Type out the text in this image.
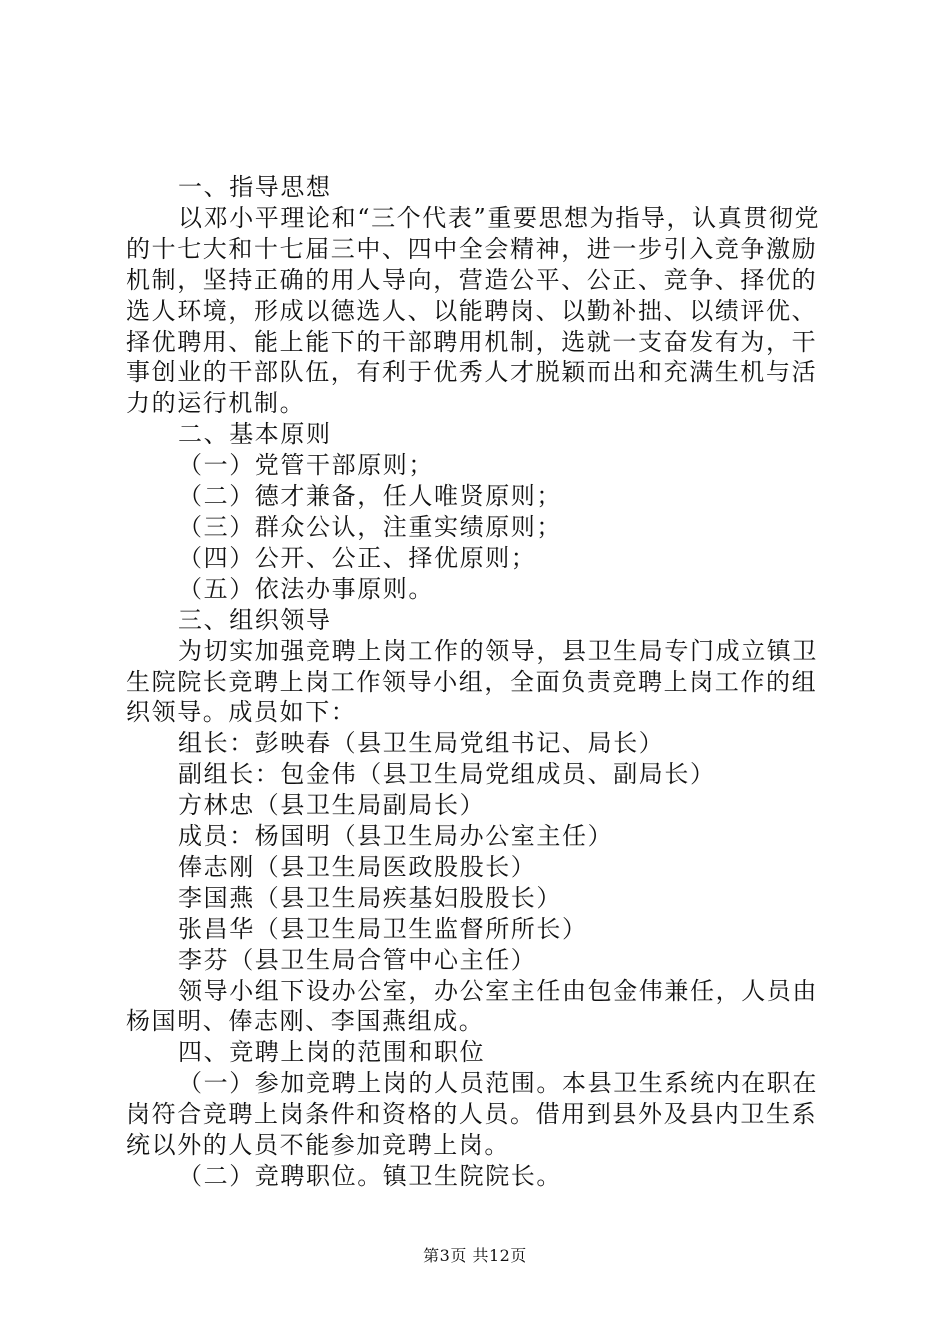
一、指导思想

以邓小平理论和“三个代表”重要思想为指导，认真贯彻党的十七大和十七届三中、四中全会精神，进一步引入竞争激励机制，坚持正确的用人导向，营造公平、公正、竞争、择优的选人环境，形成以德选人、以能聘岗、以勤补拙、以绩评优、择优聘用、能上能下的干部聘用机制，选就一支奋发有为，干事创业的干部队伍，有利于优秀人才脱颖而出和充满生机与活力的运行机制。

二、基本原则

（一）党管干部原则；

（二）德才兼备，任人唯贤原则；

（三）群众公认，注重实绩原则；

（四）公开、公正、择优原则；

（五）依法办事原则。

三、组织领导

为切实加强竞聘上岗工作的领导，县卫生局专门成立镇卫生院院长竞聘上岗工作领导小组，全面负责竞聘上岗工作的组织领导。成员如下：

组长：彭映春（县卫生局党组书记、局长）

副组长：包金伟（县卫生局党组成员、副局长）

方林忠（县卫生局副局长）

成员：杨国明（县卫生局办公室主任）

俸志刚（县卫生局医政股股长）

李国燕（县卫生局疾基妇股股长）

张昌华（县卫生局卫生监督所所长）

李芬（县卫生局合管中心主任）

领导小组下设办公室，办公室主任由包金伟兼任，人员由杨国明、俸志刚、李国燕组成。

四、竞聘上岗的范围和职位

（一）参加竞聘上岗的人员范围。本县卫生系统内在职在岗符合竞聘上岗条件和资格的人员。借用到县外及县内卫生系统以外的人员不能参加竞聘上岗。

（二）竞聘职位。镇卫生院院长。

第3页 共12页
